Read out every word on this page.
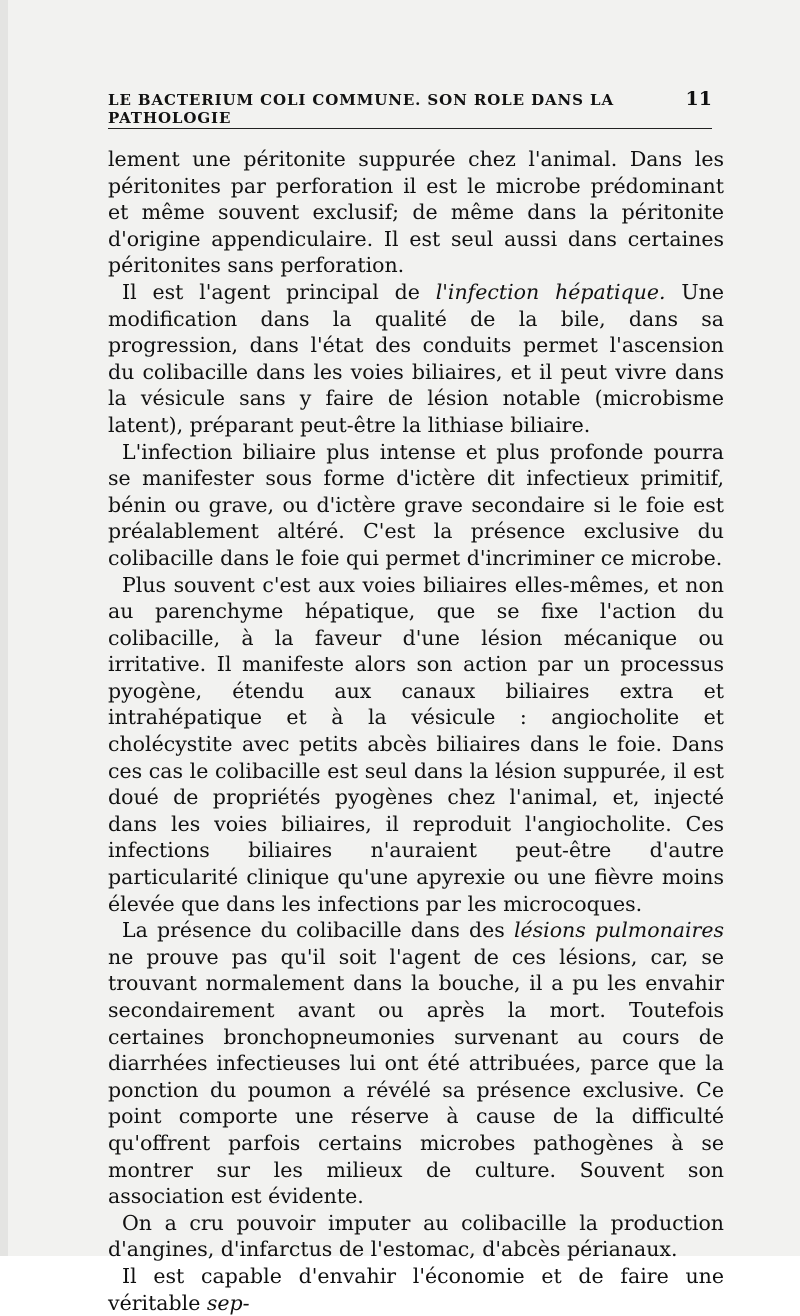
LE BACTERIUM COLI COMMUNE. SON ROLE DANS LA PATHOLOGIE
11

lement une péritonite suppurée chez l'animal. Dans les péritonites par perforation il est le microbe prédominant et même souvent exclusif; de même dans la péritonite d'origine appendiculaire. Il est seul aussi dans certaines péritonites sans perforation.

Il est l'agent principal de l'infection hépatique. Une modification dans la qualité de la bile, dans sa progression, dans l'état des conduits permet l'ascension du colibacille dans les voies biliaires, et il peut vivre dans la vésicule sans y faire de lésion notable (microbisme latent), préparant peut-être la lithiase biliaire.

L'infection biliaire plus intense et plus profonde pourra se manifester sous forme d'ictère dit infectieux primitif, bénin ou grave, ou d'ictère grave secondaire si le foie est préalablement altéré. C'est la présence exclusive du colibacille dans le foie qui permet d'incriminer ce microbe.

Plus souvent c'est aux voies biliaires elles-mêmes, et non au parenchyme hépatique, que se fixe l'action du colibacille, à la faveur d'une lésion mécanique ou irritative. Il manifeste alors son action par un processus pyogène, étendu aux canaux biliaires extra et intrahépatique et à la vésicule : angiocholite et cholécystite avec petits abcès biliaires dans le foie. Dans ces cas le colibacille est seul dans la lésion suppurée, il est doué de propriétés pyogènes chez l'animal, et, injecté dans les voies biliaires, il reproduit l'angiocholite. Ces infections biliaires n'auraient peut-être d'autre particularité clinique qu'une apyrexie ou une fièvre moins élevée que dans les infections par les microcoques.

La présence du colibacille dans des lésions pulmonaires ne prouve pas qu'il soit l'agent de ces lésions, car, se trouvant normalement dans la bouche, il a pu les envahir secondairement avant ou après la mort. Toutefois certaines bronchopneumonies survenant au cours de diarrhées infectieuses lui ont été attribuées, parce que la ponction du poumon a révélé sa présence exclusive. Ce point comporte une réserve à cause de la difficulté qu'offrent parfois certains microbes pathogènes à se montrer sur les milieux de culture. Souvent son association est évidente.

On a cru pouvoir imputer au colibacille la production d'angines, d'infarctus de l'estomac, d'abcès périanaux.

Il est capable d'envahir l'économie et de faire une véritable sep-
